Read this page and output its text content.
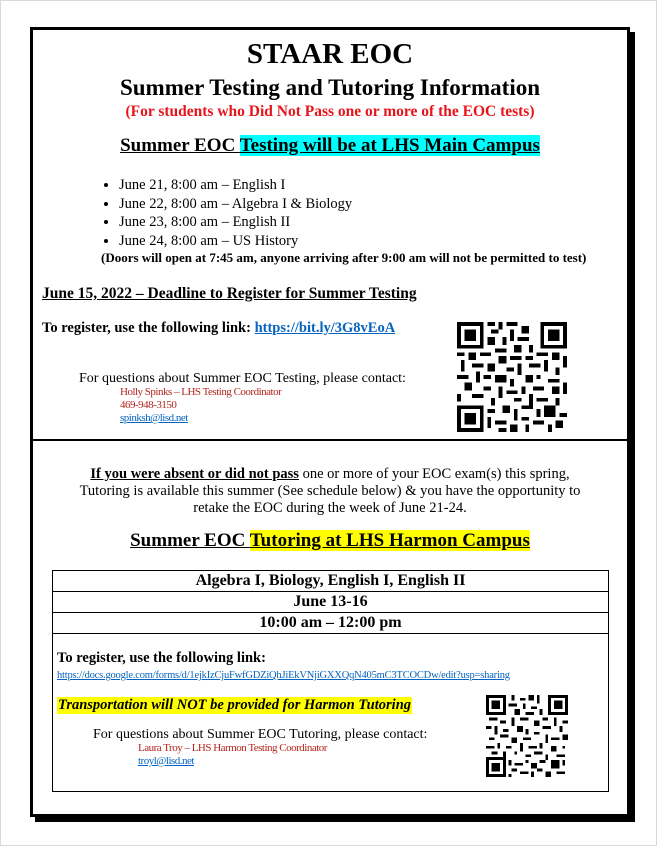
STAAR EOC
Summer Testing and Tutoring Information
(For students who Did Not Pass one or more of the EOC tests)
Summer EOC Testing will be at LHS Main Campus
• June 21, 8:00 am – English I
• June 22, 8:00 am – Algebra I & Biology
• June 23, 8:00 am – English II
• June 24, 8:00 am – US History
(Doors will open at 7:45 am, anyone arriving after 9:00 am will not be permitted to test)
June 15, 2022 – Deadline to Register for Summer Testing
To register, use the following link: https://bit.ly/3G8vEoA
For questions about Summer EOC Testing, please contact:
Holly Spinks – LHS Testing Coordinator
469-948-3150
spinksh@lisd.net
If you were absent or did not pass one or more of your EOC exam(s) this spring,
Tutoring is available this summer (See schedule below) & you have the opportunity to
retake the EOC during the week of June 21-24.
Summer EOC Tutoring at LHS Harmon Campus
Algebra I, Biology, English I, English II
June 13-16
10:00 am – 12:00 pm
To register, use the following link:
https://docs.google.com/forms/d/1ejkIzCjuFwfGDZiQhJiEkVNjiGXXQqN405mC3TCOCDw/edit?usp=sharing
Transportation will NOT be provided for Harmon Tutoring
For questions about Summer EOC Tutoring, please contact:
Laura Troy – LHS Harmon Testing Coordinator
troyl@lisd.net
